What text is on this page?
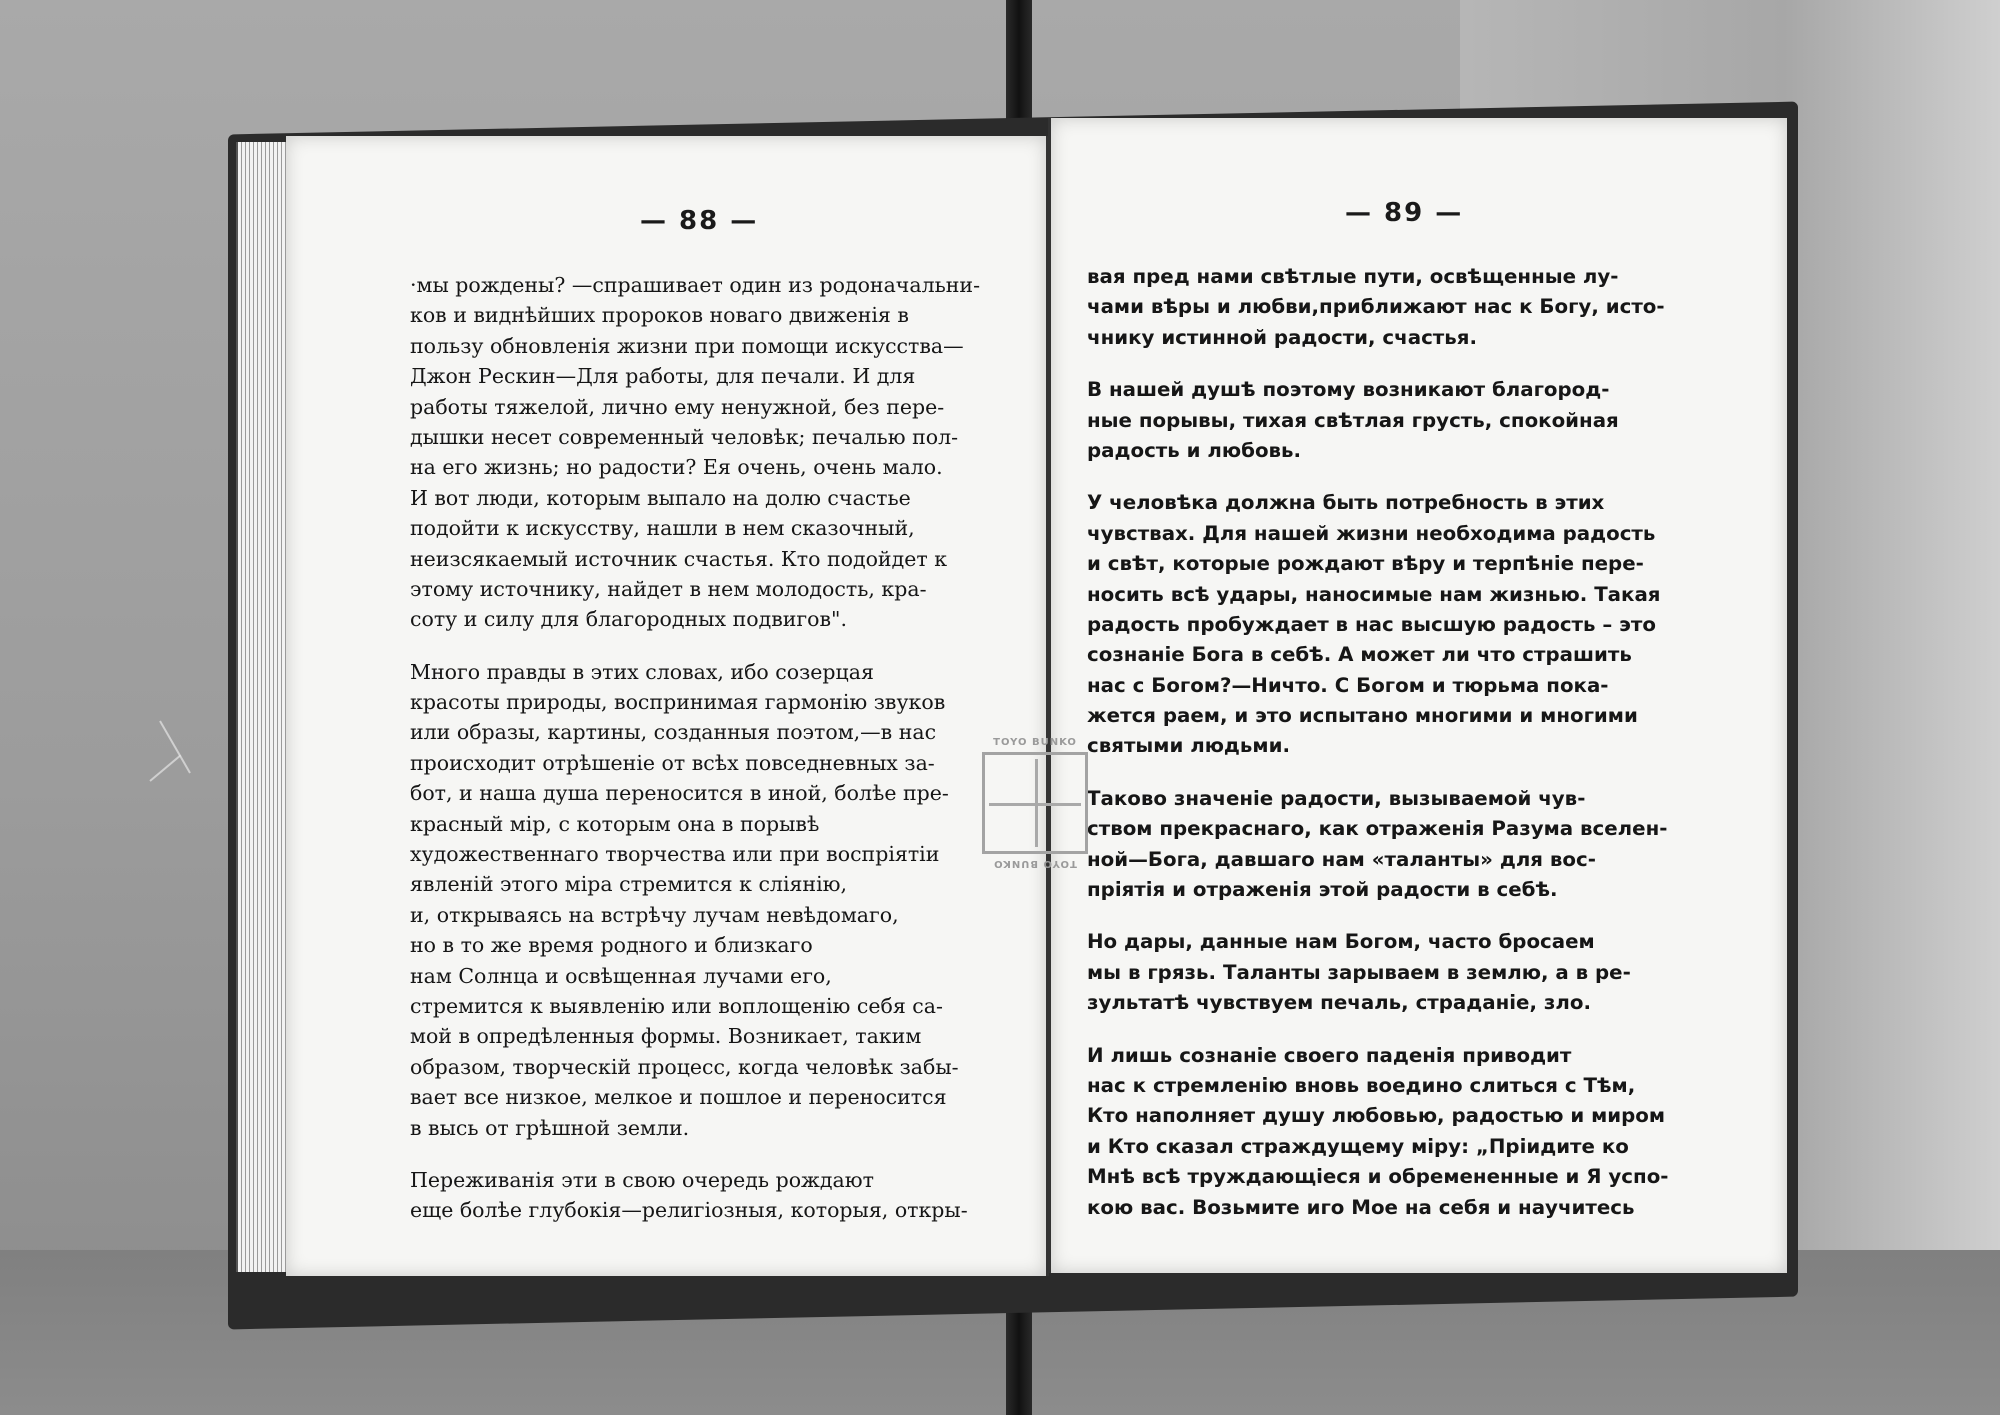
— 88 —
·мы рождены? —спрашивает один из родоначальни-
ков и виднѣйших пророков новаго движенія в
пользу обновленія жизни при помощи искусства—
Джон Рескин—Для работы, для печали. И для
работы тяжелой, лично ему ненужной, без пере-
дышки несет современный человѣк; печалью пол-
на его жизнь; но радости? Ея очень, очень мало.
И вот люди, которым выпало на долю счастье
подойти к искусству, нашли в нем сказочный,
неизсякаемый источник счастья. Кто подойдет к
этому источнику, найдет в нем молодость, кра-
соту и силу для благородных подвигов".
Много правды в этих словах, ибо созерцая
красоты природы, воспринимая гармонію звуков
или образы, картины, созданныя поэтом,—в нас
происходит отрѣшеніе от всѣх повседневных за-
бот, и наша душа переносится в иной, болѣе пре-
красный мір, с которым она в порывѣ
художественнаго творчества или при воспріятіи
явленій этого міра стремится к сліянію,
и, открываясь на встрѣчу лучам невѣдомаго,
но в то же время родного и близкаго
нам Солнца и освѣщенная лучами его,
стремится к выявленію или воплощенію себя са-
мой в опредѣленныя формы. Возникает, таким
образом, творческій процесс, когда человѣк забы-
вает все низкое, мелкое и пошлое и переносится
в высь от грѣшной земли.
Переживанія эти в свою очередь рождают
еще болѣе глубокія—религіозныя, которыя, откры-
— 89 —
вая пред нами свѣтлые пути, освѣщенные лу-
чами вѣры и любви,приближают нас к Богу, исто-
чнику истинной радости, счастья.
В нашей душѣ поэтому возникают благород-
ные порывы, тихая свѣтлая грусть, спокойная
радость и любовь.
У человѣка должна быть потребность в этих
чувствах. Для нашей жизни необходима радость
и свѣт, которые рождают вѣру и терпѣніе пере-
носить всѣ удары, наносимые нам жизнью. Такая
радость пробуждает в нас высшую радость – это
сознаніе Бога в себѣ. А может ли что страшить
нас с Богом?—Ничто. С Богом и тюрьма пока-
жется раем, и это испытано многими и многими
святыми людьми.
Таково значеніе радости, вызываемой чув-
ством прекраснаго, как отраженія Разума вселен-
ной—Бога, давшаго нам «таланты» для вос-
пріятія и отраженія этой радости в себѣ.
Но дары, данные нам Богом, часто бросаем
мы в грязь. Таланты зарываем в землю, а в ре-
зультатѣ чувствуем печаль, страданіе, зло.
И лишь сознаніе своего паденія приводит
нас к стремленію вновь воедино слиться с Тѣм,
Кто наполняет душу любовью, радостью и миром
и Кто сказал страждущему міру: „Пріидите ко
Мнѣ всѣ труждающіеся и обремененные и Я успо-
кою вас. Возьмите иго Мое на себя и научитесь
TOYO BUNKO
TOYO BUNKO
